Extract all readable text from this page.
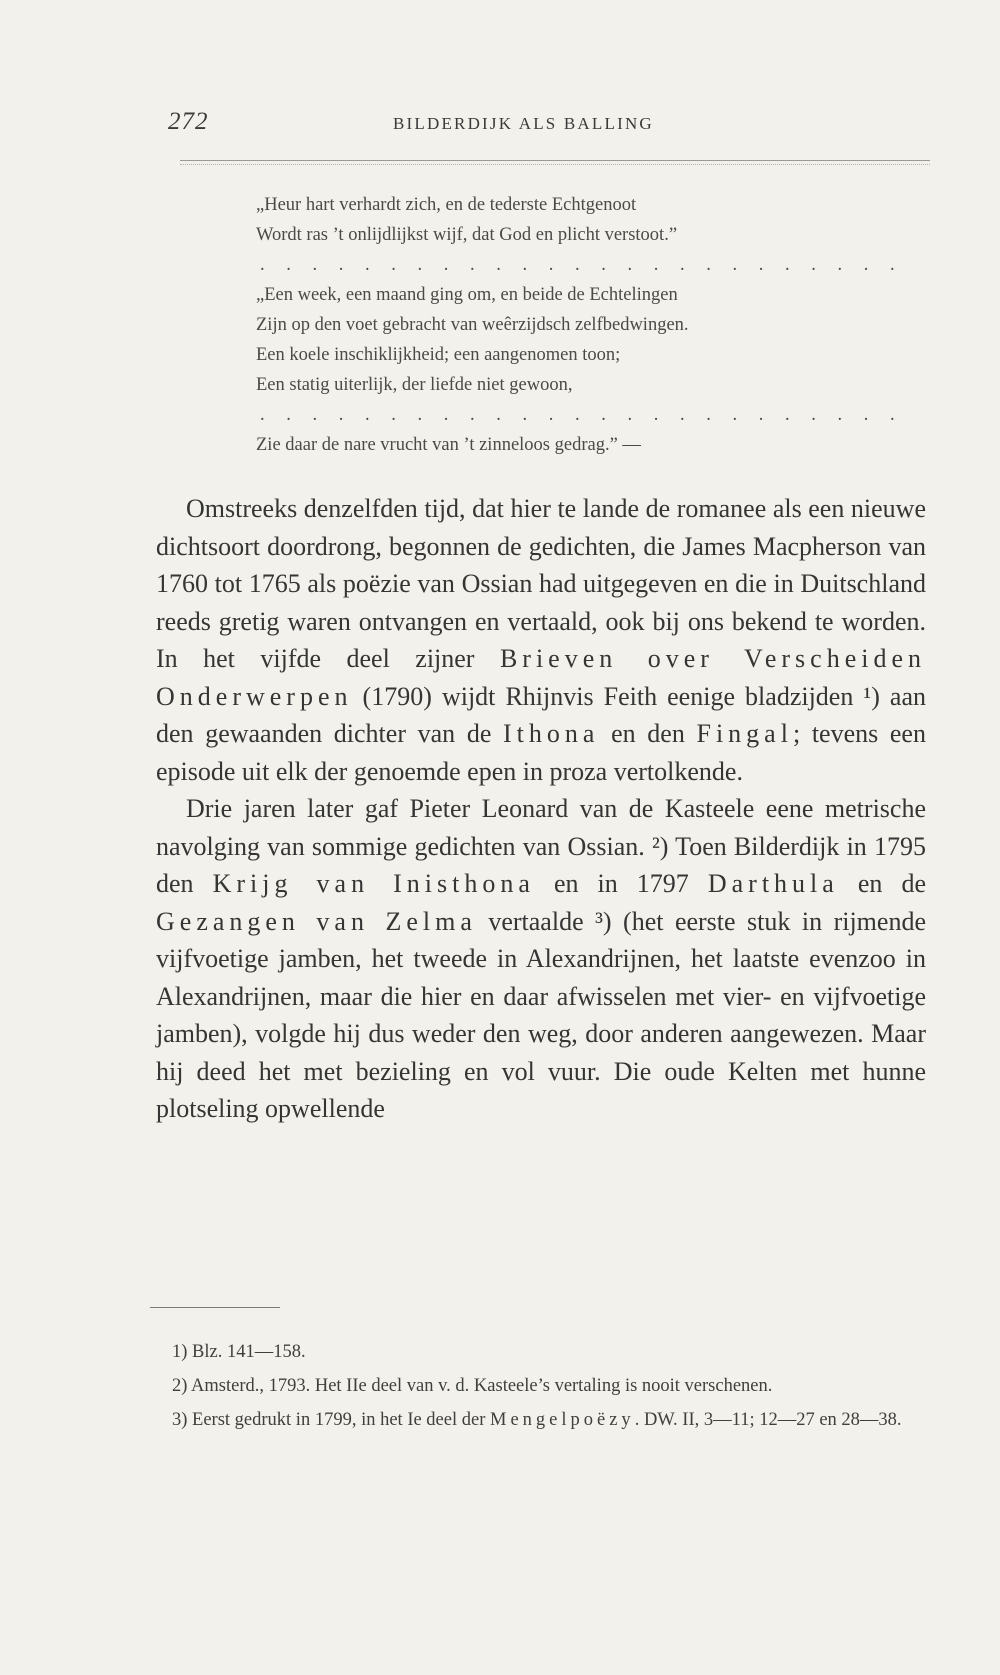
272	BILDERDIJK ALS BALLING
„Heur hart verhardt zich, en de tederste Echtgenoot
Wordt ras ’t onlijdlijkst wijf, dat God en plicht verstoot.”
. . . . . . . . . . . . . . . . . . . . . . . . .
„Een week, een maand ging om, en beide de Echtelingen
Zijn op den voet gebracht van weêrzijdsch zelfbedwingen.
Een koele inschiklijkheid; een aangenomen toon;
Een statig uiterlijk, der liefde niet gewoon,
. . . . . . . . . . . . . . . . . . . . . . . . .
Zie daar de nare vrucht van ’t zinneloos gedrag.” —

Omstreeks denzelfden tijd, dat hier te lande de romanee als een nieuwe dichtsoort doordrong, begonnen de gedichten, die James Macpherson van 1760 tot 1765 als poëzie van Ossian had uitgegeven en die in Duitschland reeds gretig waren ontvangen en vertaald, ook bij ons bekend te worden. In het vijfde deel zijner Brieven over Verscheiden Onderwerpen (1790) wijdt Rhijnvis Feith eenige bladzijden ¹) aan den gewaanden dichter van de Ithona en den Fingal; tevens een episode uit elk der genoemde epen in proza vertolkende.

Drie jaren later gaf Pieter Leonard van de Kasteele eene metrische navolging van sommige gedichten van Ossian. ²) Toen Bilderdijk in 1795 den Krijg van Inisthona en in 1797 Darthula en de Gezangen van Zelma vertaalde ³) (het eerste stuk in rijmende vijfvoetige jamben, het tweede in Alexandrijnen, het laatste evenzoo in Alexandrijnen, maar die hier en daar afwisselen met vier- en vijfvoetige jamben), volgde hij dus weder den weg, door anderen aangewezen. Maar hij deed het met bezieling en vol vuur. Die oude Kelten met hunne plotseling opwellende

1) Blz. 141—158.

2) Amsterd., 1793. Het IIe deel van v. d. Kasteele’s vertaling is nooit verschenen.

3) Eerst gedrukt in 1799, in het Ie deel der Mengelpoëzy. DW. II, 3—11; 12—27 en 28—38.
